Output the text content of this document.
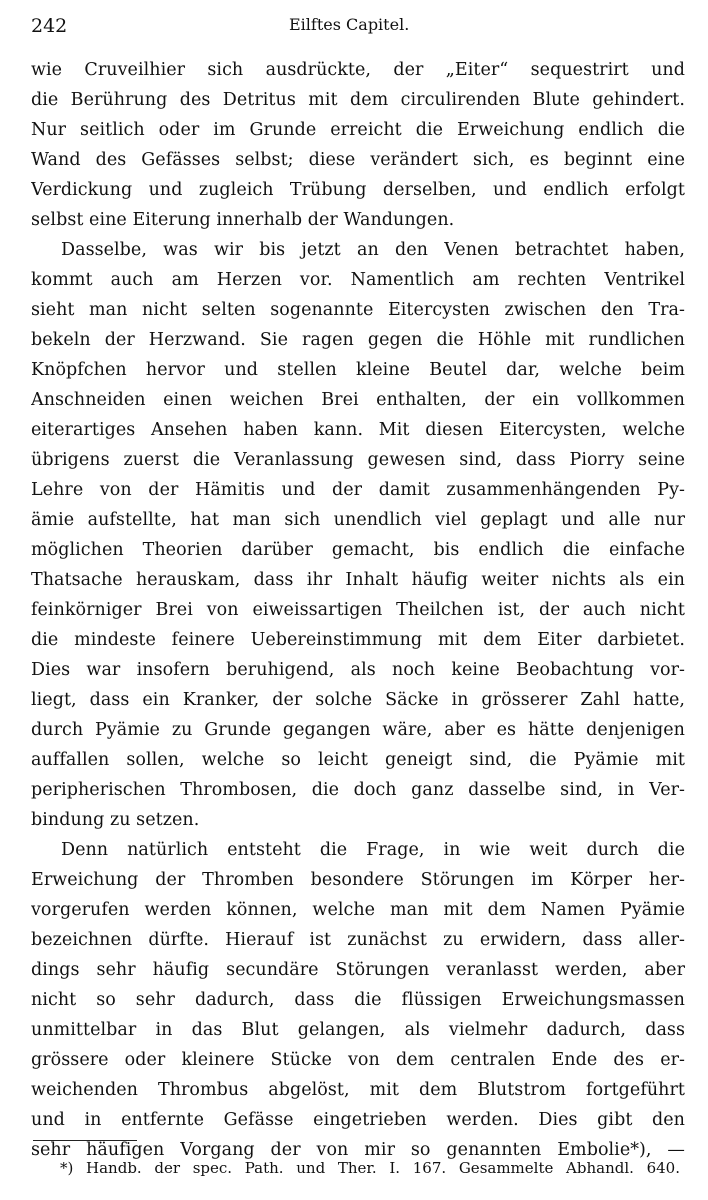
242	Eilftes Capitel.
wie Cruveilhier sich ausdrückte, der „Eiter“ sequestrirt und
die Berührung des Detritus mit dem circulirenden Blute gehindert.
Nur seitlich oder im Grunde erreicht die Erweichung endlich die
Wand des Gefässes selbst; diese verändert sich, es beginnt eine
Verdickung und zugleich Trübung derselben, und endlich erfolgt
selbst eine Eiterung innerhalb der Wandungen.
Dasselbe, was wir bis jetzt an den Venen betrachtet haben,
kommt auch am Herzen vor. Namentlich am rechten Ventrikel
sieht man nicht selten sogenannte Eitercysten zwischen den Tra-
bekeln der Herzwand. Sie ragen gegen die Höhle mit rundlichen
Knöpfchen hervor und stellen kleine Beutel dar, welche beim
Anschneiden einen weichen Brei enthalten, der ein vollkommen
eiterartiges Ansehen haben kann. Mit diesen Eitercysten, welche
übrigens zuerst die Veranlassung gewesen sind, dass Piorry seine
Lehre von der Hämitis und der damit zusammenhängenden Py-
ämie aufstellte, hat man sich unendlich viel geplagt und alle nur
möglichen Theorien darüber gemacht, bis endlich die einfache
Thatsache herauskam, dass ihr Inhalt häufig weiter nichts als ein
feinkörniger Brei von eiweissartigen Theilchen ist, der auch nicht
die mindeste feinere Uebereinstimmung mit dem Eiter darbietet.
Dies war insofern beruhigend, als noch keine Beobachtung vor-
liegt, dass ein Kranker, der solche Säcke in grösserer Zahl hatte,
durch Pyämie zu Grunde gegangen wäre, aber es hätte denjenigen
auffallen sollen, welche so leicht geneigt sind, die Pyämie mit
peripherischen Thrombosen, die doch ganz dasselbe sind, in Ver-
bindung zu setzen.
Denn natürlich entsteht die Frage, in wie weit durch die
Erweichung der Thromben besondere Störungen im Körper her-
vorgerufen werden können, welche man mit dem Namen Pyämie
bezeichnen dürfte. Hierauf ist zunächst zu erwidern, dass aller-
dings sehr häufig secundäre Störungen veranlasst werden, aber
nicht so sehr dadurch, dass die flüssigen Erweichungsmassen
unmittelbar in das Blut gelangen, als vielmehr dadurch, dass
grössere oder kleinere Stücke von dem centralen Ende des er-
weichenden Thrombus abgelöst, mit dem Blutstrom fortgeführt
und in entfernte Gefässe eingetrieben werden. Dies gibt den
sehr häufigen Vorgang der von mir so genannten Embolie*), —
*) Handb. der spec. Path. und Ther. I. 167. Gesammelte Abhandl. 640.
